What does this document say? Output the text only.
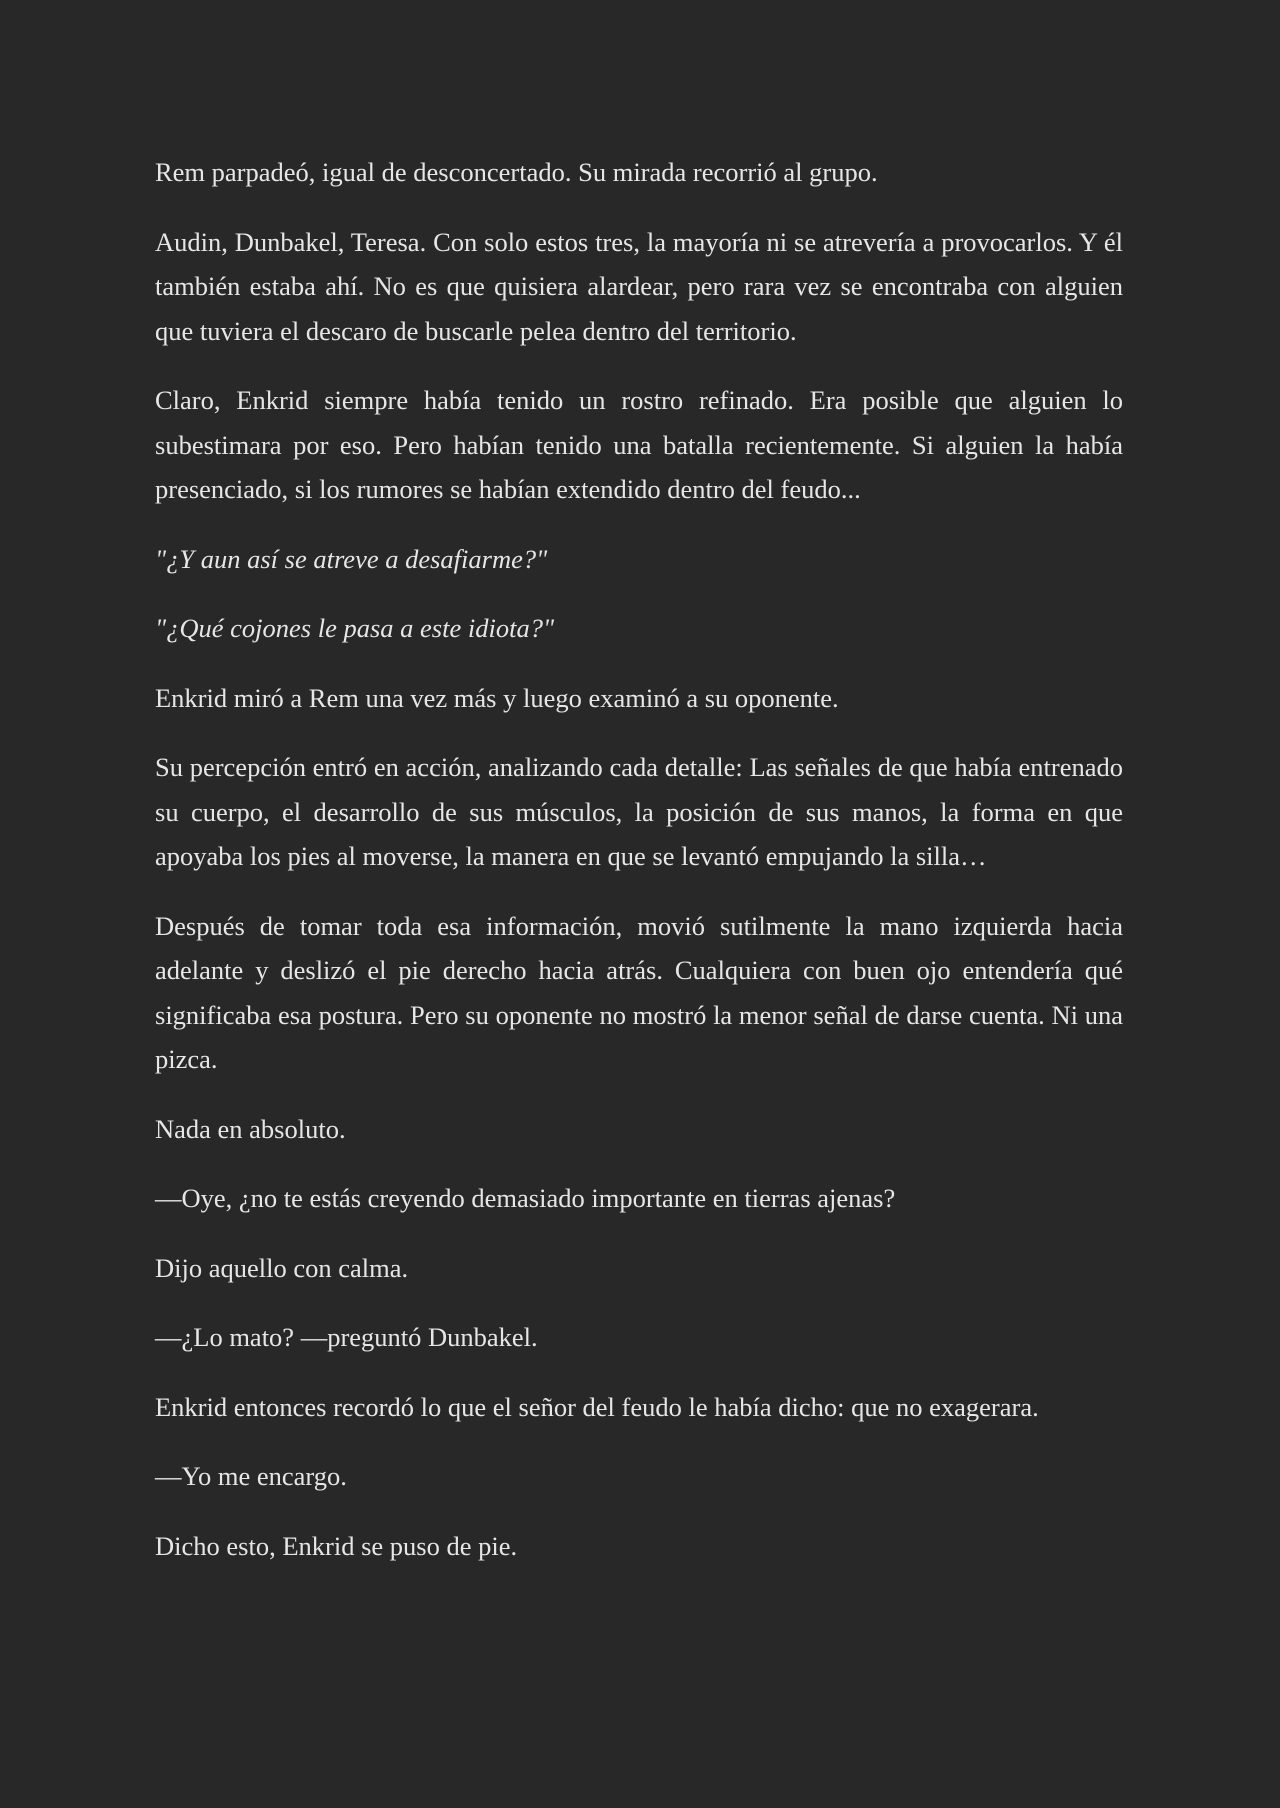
Rem parpadeó, igual de desconcertado. Su mirada recorrió al grupo.

Audin, Dunbakel, Teresa. Con solo estos tres, la mayoría ni se atrevería a provocarlos. Y él también estaba ahí. No es que quisiera alardear, pero rara vez se encontraba con alguien que tuviera el descaro de buscarle pelea dentro del territorio.

Claro, Enkrid siempre había tenido un rostro refinado. Era posible que alguien lo subestimara por eso. Pero habían tenido una batalla recientemente. Si alguien la había presenciado, si los rumores se habían extendido dentro del feudo...

"¿Y aun así se atreve a desafiarme?"

"¿Qué cojones le pasa a este idiota?"

Enkrid miró a Rem una vez más y luego examinó a su oponente.

Su percepción entró en acción, analizando cada detalle: Las señales de que había entrenado su cuerpo, el desarrollo de sus músculos, la posición de sus manos, la forma en que apoyaba los pies al moverse, la manera en que se levantó empujando la silla…

Después de tomar toda esa información, movió sutilmente la mano izquierda hacia adelante y deslizó el pie derecho hacia atrás. Cualquiera con buen ojo entendería qué significaba esa postura. Pero su oponente no mostró la menor señal de darse cuenta. Ni una pizca.

Nada en absoluto.

—Oye, ¿no te estás creyendo demasiado importante en tierras ajenas?

Dijo aquello con calma.

—¿Lo mato? —preguntó Dunbakel.

Enkrid entonces recordó lo que el señor del feudo le había dicho: que no exagerara.

—Yo me encargo.

Dicho esto, Enkrid se puso de pie.
